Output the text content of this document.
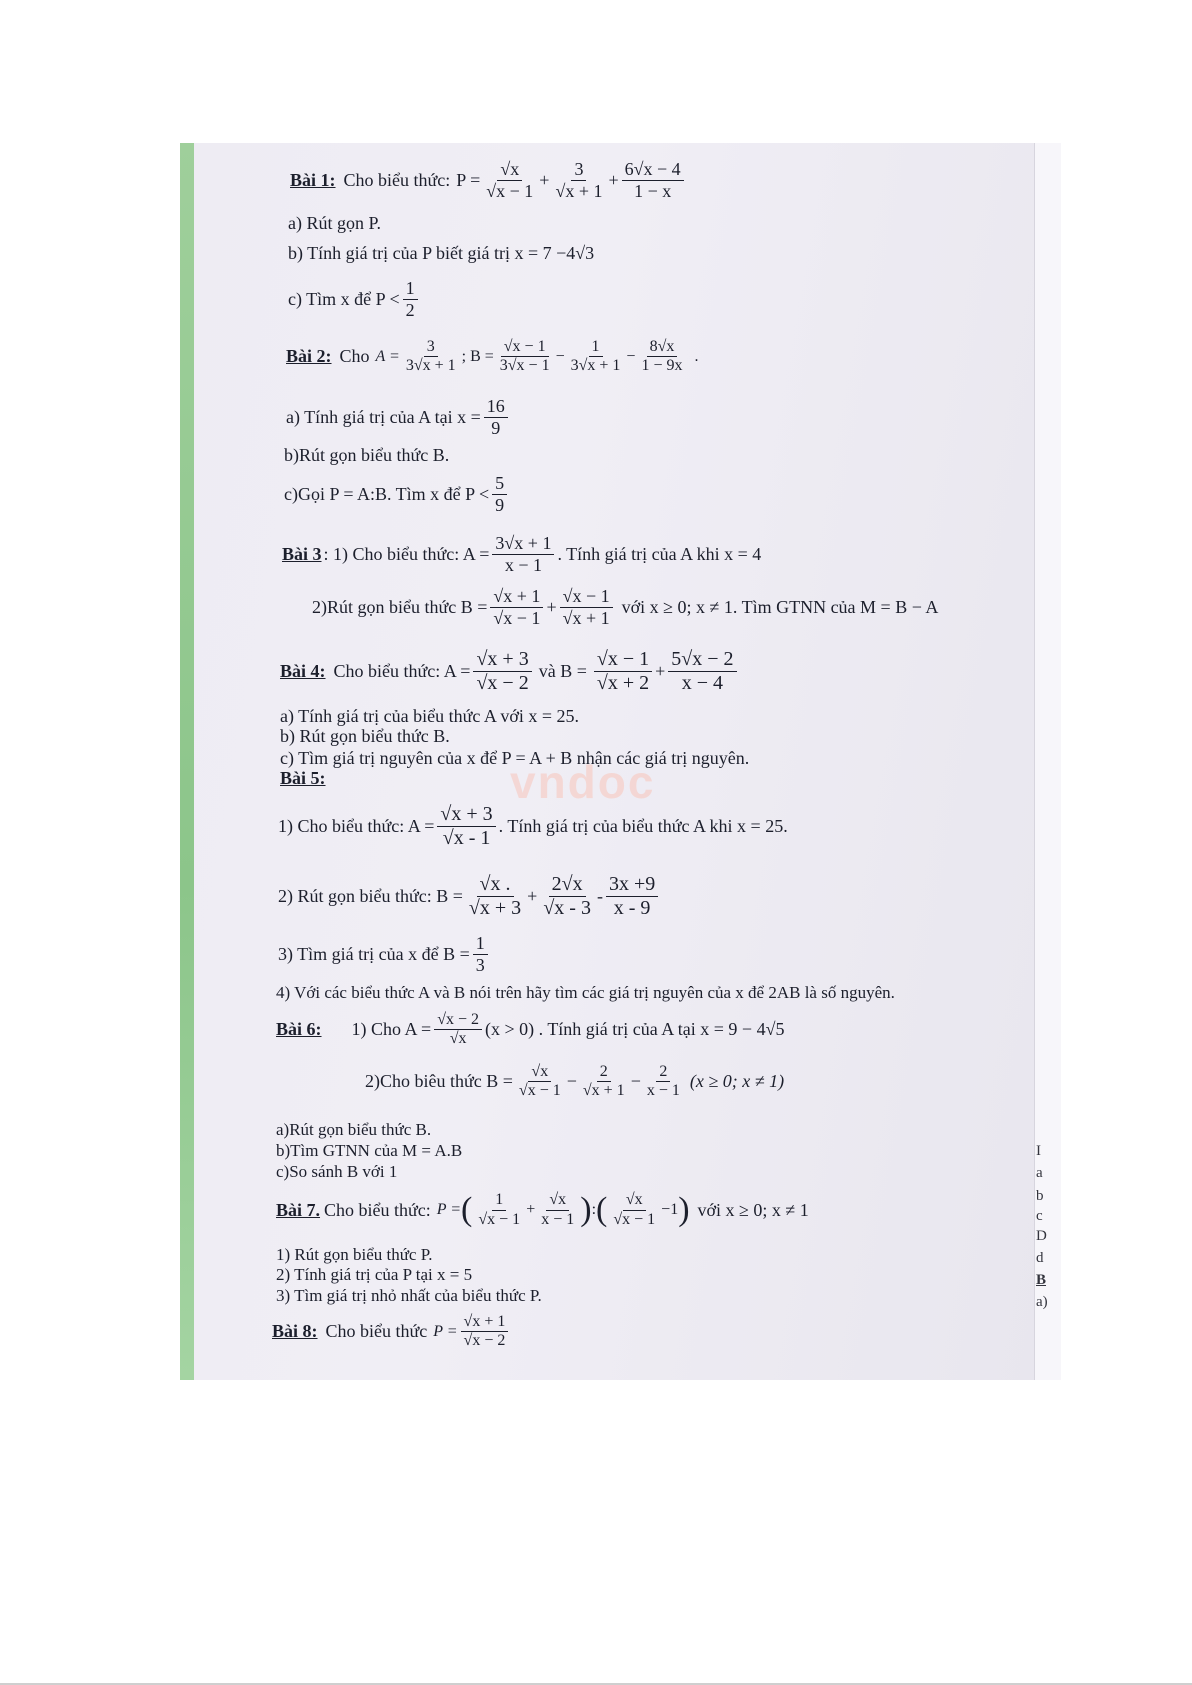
vndoc
Bài 1: Cho biểu thức: $P = \frac{√x}{√x - 1} + \frac{3}{√x + 1} + \frac{6√x - 4}{1 - x}$
a) Rút gọn P.
b) Tính giá trị của P biết giá trị x = 7 −4√3
c) Tìm x để $P < \frac{1}{2}$
Bài 2: Cho $A = \frac{3}{3√x + 1}$ ; $B = \frac{√x - 1}{3√x - 1} - \frac{1}{3√x + 1} - \frac{8√x}{1 - 9x}$ .
a) Tính giá trị của A tại $x = \frac{16}{9}$
b)Rút gọn biểu thức B.
c)Gọi P = A:B. Tìm x để $P < \frac{5}{9}$
Bài 3 : 1) Cho biểu thức: $A = \frac{3√x + 1}{x - 1}$ . Tính giá trị của A khi x = 4
2)Rút gọn biểu thức $B = \frac{√x + 1}{√x - 1} + \frac{√x - 1}{√x + 1}$ với x ≥ 0; x ≠ 1. Tìm GTNN của M = B − A
Bài 4: Cho biểu thức: $A = \frac{√x + 3}{√x - 2}$ và $B = \frac{√x - 1}{√x + 2} + \frac{5√x - 2}{x - 4}$
a) Tính giá trị của biểu thức A với x = 25.
b) Rút gọn biểu thức B.
c) Tìm giá trị nguyên của x để P = A + B nhận các giá trị nguyên.
Bài 5:
1) Cho biểu thức: $A = \frac{√x + 3}{√x - 1}$ . Tính giá trị của biểu thức A khi x = 25.
2) Rút gọn biểu thức: $B = \frac{√x .}{√x + 3} + \frac{2√x}{√x - 3} - \frac{3x +9}{x - 9}$
3) Tìm giá trị của x để $B = \frac{1}{3}$
4) Với các biểu thức A và B nói trên hãy tìm các giá trị nguyên của x để 2AB là số nguyên.
Bài 6: 1) Cho $A = \frac{√x - 2}{√x} (x > 0)$ . Tính giá trị của A tại x = 9 − 4√5
2)Cho biêu thức $B = \frac{√x}{√x - 1} - \frac{2}{√x + 1} - \frac{2}{x - 1} (x \ge 0$; x ≠ 1)
a)Rút gọn biểu thức B.
b)Tìm GTNN của M = A.B
c)So sánh B với 1
Bài 7. Cho biểu thức: P = ( $\frac{1}{√x - 1} + \frac{√x}{x - 1}$ ) : ( $\frac{√x}{√x - 1} -1$ ) với x ≥ 0; x ≠ 1
1) Rút gọn biểu thức P.
2) Tính giá trị của P tại x = 5
3) Tìm giá trị nhỏ nhất của biểu thức P.
Bài 8: Cho biểu thức $P = \frac{√x + 1}{√x - 2}$
I
a
b
c
D
d
B
a)
